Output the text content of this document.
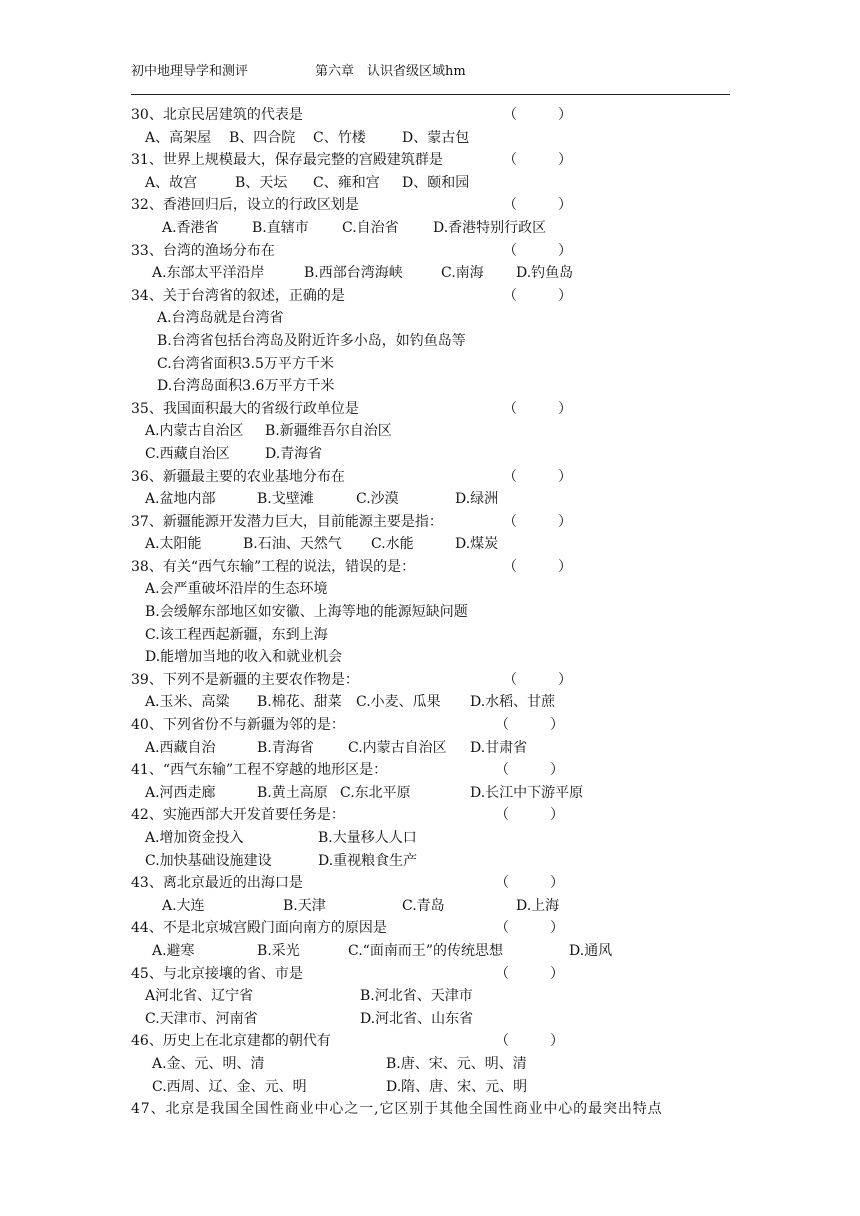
初中地理导学和测评	第六章　认识省级区域hm
30、北京民居建筑的代表是	（	）
A、高架屋 B、四合院 C、竹楼	D、蒙古包
31、世界上规模最大，保存最完整的宫殿建筑群是	（	）
A、故宫	B、天坛 C、雍和宫 D、颐和园
32、香港回归后，设立的行政区划是	（	）
A.香港省 B.直辖市 C.自治省 D.香港特别行政区
33、台湾的渔场分布在	（	）
A.东部太平洋沿岸	B.西部台湾海峡	C.南海 D.钓鱼岛
34、关于台湾省的叙述，正确的是	（	）
A.台湾岛就是台湾省
B.台湾省包括台湾岛及附近许多小岛，如钓鱼岛等
C.台湾省面积3.5万平方千米
D.台湾岛面积3.6万平方千米
35、我国面积最大的省级行政单位是	（	）
A.内蒙古自治区 B.新疆维吾尔自治区
C.西藏自治区	D.青海省
36、新疆最主要的农业基地分布在	（	）
A.盆地内部	B.戈壁滩	C.沙漠	D.绿洲
37、新疆能源开发潜力巨大，目前能源主要是指：	（	）
A.太阳能	B.石油、天然气 C.水能	D.煤炭
38、有关“西气东输”工程的说法，错误的是：	（	）
A.会严重破坏沿岸的生态环境
B.会缓解东部地区如安徽、上海等地的能源短缺问题
C.该工程西起新疆，东到上海
D.能增加当地的收入和就业机会
39、下列不是新疆的主要农作物是：	（	）
A.玉米、高粱 B.棉花、甜菜 C.小麦、瓜果 D.水稻、甘蔗
40、下列省份不与新疆为邻的是：	（	）
A.西藏自治	B.青海省 C.内蒙古自治区 D.甘肃省
41、“西气东输”工程不穿越的地形区是：	（	）
A.河西走廊	B.黄土高原 C.东北平原	D.长江中下游平原
42、实施西部大开发首要任务是：	（	）
A.增加资金投入	B.大量移人人口
C.加快基础设施建设	D.重视粮食生产
43、离北京最近的出海口是	（	）
A.大连	B.天津	C.青岛	D.上海
44、不是北京城宫殿门面向南方的原因是	（	）
A.避寒	B.采光	C.“面南而王”的传统思想	D.通风
45、与北京接壤的省、市是	（	）
A河北省、辽宁省	B.河北省、天津市
C.天津市、河南省	D.河北省、山东省
46、历史上在北京建都的朝代有	（	）
A.金、元、明、清	B.唐、宋、元、明、清
C.西周、辽、金、元、明	D.隋、唐、宋、元、明
47、北京是我国全国性商业中心之一,它区别于其他全国性商业中心的最突出特点
